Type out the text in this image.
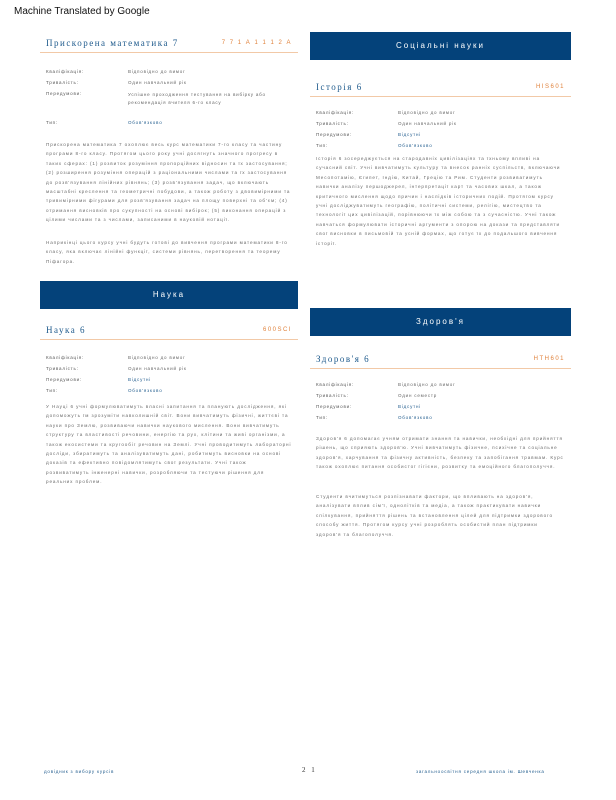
Machine Translated by Google
Прискорена математика 7	7 7 1 А 1 1 1 2 А
Кваліфікація:	Відповідно до вимог
Тривалість:	Один навчальний рік
Передумови:	Успішне проходження тестування на вибірку або рекомендація вчителя 6-го класу
Тип:	Обов'язково

Прискорена математика 7 охоплює весь курс математики 7-го класу та частину програми 8-го класу. Протягом цього року учні досягнуть значного прогресу в таких сферах: (1) розвиток розуміння пропорційних відносин та їх застосування; (2) розширення розуміння операцій з раціональними числами та їх застосування до розв'язування лінійних рівнянь; (3) розв'язування задач, що включають масштабні креслення та геометричні побудови, а також роботу з двовимірними та тривимірними фігурами для розв'язування задач на площу поверхні та об'єм; (4) отримання висновків про сукупності на основі вибірок; (5) виконання операцій з цілими числами та з числами, записаними в науковій нотації.

Наприкінці цього курсу учні будуть готові до вивчення програми математики 8-го класу, яка включає лінійні функції, системи рівнянь, перетворення та теорему Піфагора.

Наука
Наука 6	600SCI
Кваліфікація:	Відповідно до вимог
Тривалість:	Один навчальний рік
Передумови:	Відсутні
Тип:	Обов'язково

У Науці 6 учні формулюватимуть власні запитання та планують дослідження, які допоможуть їм зрозуміти навколишній світ. Вони вивчатимуть фізичні, життєві та науки про Землю, розвиваючи навички наукового мислення. Вони вивчатимуть структуру та властивості речовини, енергію та рух, клітини та живі організми, а також екосистеми та кругообіг речовин на Землі. Учні проводитимуть лабораторні досліди, збиратимуть та аналізуватимуть дані, робитимуть висновки на основі доказів та ефективно повідомлятимуть свої результати. Учні також розвиватимуть інженерні навички, розробляючи та тестуючи рішення для реальних проблем.

Соціальні науки
Історія 6	HIS601
Кваліфікація:	Відповідно до вимог
Тривалість:	Один навчальний рік
Передумови:	Відсутні
Тип:	Обов'язково

Історія 6 зосереджується на стародавніх цивілізаціях та їхньому впливі на сучасний світ. Учні вивчатимуть культуру та внесок ранніх суспільств, включаючи Месопотамію, Єгипет, Індію, Китай, Грецію та Рим. Студенти розвиватимуть навички аналізу першоджерел, інтерпретації карт та часових шкал, а також критичного мислення щодо причин і наслідків історичних подій. Протягом курсу учні досліджуватимуть географію, політичні системи, релігію, мистецтво та технології цих цивілізацій, порівнюючи їх між собою та з сучасністю. Учні також навчаться формулювати історичні аргументи з опорою на докази та представляти свої висновки в письмовій та усній формах, що готує їх до подальшого вивчення історії.

Здоров'я
Здоров'я 6	HTH601
Кваліфікація:	Відповідно до вимог
Тривалість:	Один семестр
Передумови:	Відсутні
Тип:	Обов'язково

Здоров'я 6 допомагає учням отримати знання та навички, необхідні для прийняття рішень, що сприяють здоров'ю. Учні вивчатимуть фізичне, психічне та соціальне здоров'я, харчування та фізичну активність, безпеку та запобігання травмам. Курс також охоплює питання особистої гігієни, розвитку та емоційного благополуччя.

Студенти вчитимуться розпізнавати фактори, що впливають на здоров'я, аналізувати вплив сім'ї, однолітків та медіа, а також практикувати навички спілкування, прийняття рішень та встановлення цілей для підтримки здорового способу життя. Протягом курсу учні розроблять особистий план підтримки здоров'я та благополуччя.

довідник з вибору курсів	2 1	загальноосвітня середня школа ім. Шевченка
